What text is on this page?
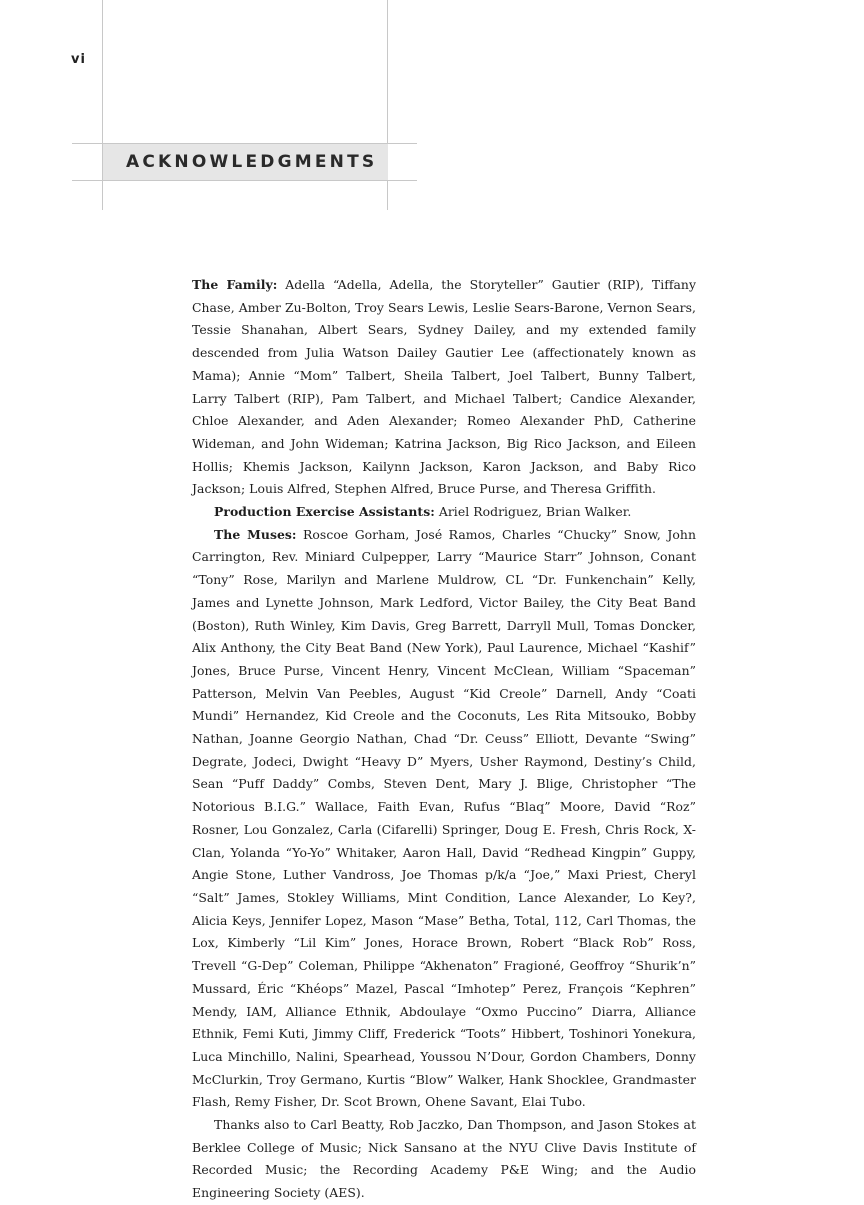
vi
ACKNOWLEDGMENTS

The Family: Adella “Adella, Adella, the Storyteller” Gautier (RIP), Tiffany Chase, Amber Zu-Bolton, Troy Sears Lewis, Leslie Sears-Barone, Vernon Sears, Tessie Shanahan, Albert Sears, Sydney Dailey, and my extended family descended from Julia Watson Dailey Gautier Lee (affectionately known as Mama); Annie “Mom” Talbert, Sheila Talbert, Joel Talbert, Bunny Talbert, Larry Talbert (RIP), Pam Talbert, and Michael Talbert; Candice Alexander, Chloe Alexander, and Aden Alexander; Romeo Alexander PhD, Catherine Wideman, and John Wideman; Katrina Jackson, Big Rico Jackson, and Eileen Hollis; Khemis Jackson, Kailynn Jackson, Karon Jackson, and Baby Rico Jackson; Louis Alfred, Stephen Alfred, Bruce Purse, and Theresa Griffith.

Production Exercise Assistants: Ariel Rodriguez, Brian Walker.

The Muses: Roscoe Gorham, José Ramos, Charles “Chucky” Snow, John Carrington, Rev. Miniard Culpepper, Larry “Maurice Starr” Johnson, Conant “Tony” Rose, Marilyn and Marlene Muldrow, CL “Dr. Funkenchain” Kelly, James and Lynette Johnson, Mark Ledford, Victor Bailey, the City Beat Band (Boston), Ruth Winley, Kim Davis, Greg Barrett, Darryll Mull, Tomas Doncker, Alix Anthony, the City Beat Band (New York), Paul Laurence, Michael “Kashif” Jones, Bruce Purse, Vincent Henry, Vincent McClean, William “Spaceman” Patterson, Melvin Van Peebles, August “Kid Creole” Darnell, Andy “Coati Mundi” Hernandez, Kid Creole and the Coconuts, Les Rita Mitsouko, Bobby Nathan, Joanne Georgio Nathan, Chad “Dr. Ceuss” Elliott, Devante “Swing” Degrate, Jodeci, Dwight “Heavy D” Myers, Usher Raymond, Destiny’s Child, Sean “Puff Daddy” Combs, Steven Dent, Mary J. Blige, Christopher “The Notorious B.I.G.” Wallace, Faith Evan, Rufus “Blaq” Moore, David “Roz” Rosner, Lou Gonzalez, Carla (Cifarelli) Springer, Doug E. Fresh, Chris Rock, X-Clan, Yolanda “Yo-Yo” Whitaker, Aaron Hall, David “Redhead Kingpin” Guppy, Angie Stone, Luther Vandross, Joe Thomas p/k/a “Joe,” Maxi Priest, Cheryl “Salt” James, Stokley Williams, Mint Condition, Lance Alexander, Lo Key?, Alicia Keys, Jennifer Lopez, Mason “Mase” Betha, Total, 112, Carl Thomas, the Lox, Kimberly “Lil Kim” Jones, Horace Brown, Robert “Black Rob” Ross, Trevell “G-Dep” Coleman, Philippe “Akhenaton” Fragioné, Geoffroy “Shurik’n” Mussard, Éric “Khéops” Mazel, Pascal “Imhotep” Perez, François “Kephren” Mendy, IAM, Alliance Ethnik, Abdoulaye “Oxmo Puccino” Diarra, Alliance Ethnik, Femi Kuti, Jimmy Cliff, Frederick “Toots” Hibbert, Toshinori Yonekura, Luca Minchillo, Nalini, Spearhead, Youssou N’Dour, Gordon Chambers, Donny McClurkin, Troy Germano, Kurtis “Blow” Walker, Hank Shocklee, Grandmaster Flash, Remy Fisher, Dr. Scot Brown, Ohene Savant, Elai Tubo.

Thanks also to Carl Beatty, Rob Jaczko, Dan Thompson, and Jason Stokes at Berklee College of Music; Nick Sansano at the NYU Clive Davis Institute of Recorded Music; the Recording Academy P&E Wing; and the Audio Engineering Society (AES).
